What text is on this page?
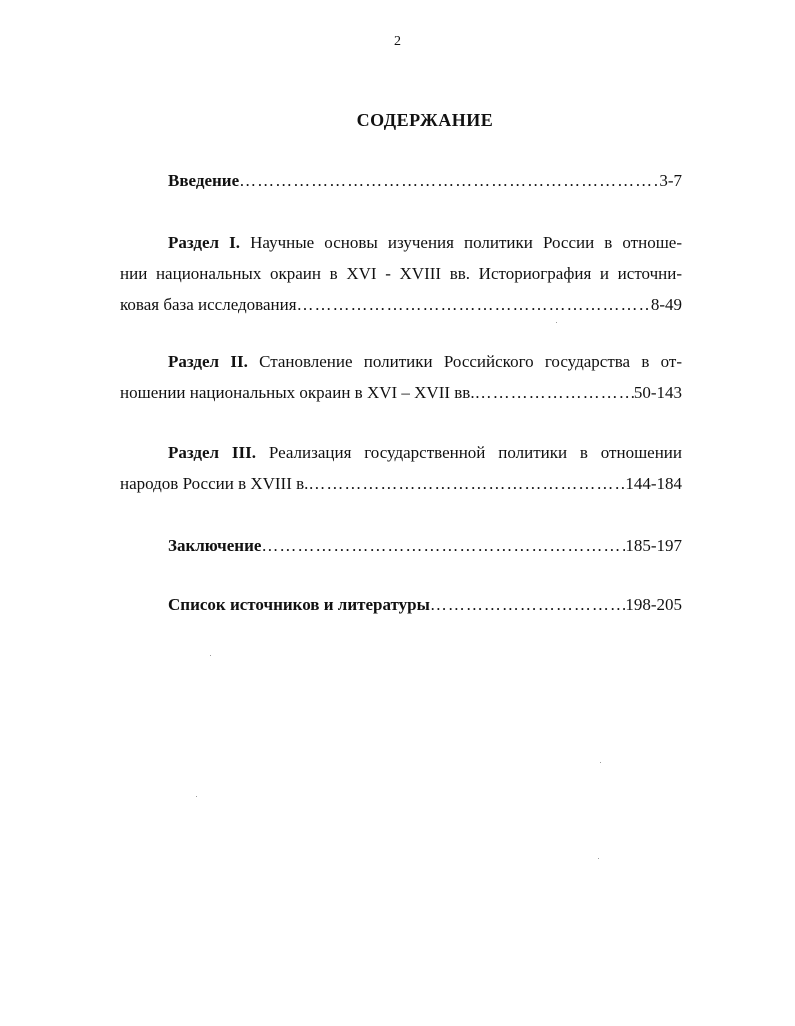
2
СОДЕРЖАНИЕ
Введение ………………………………………………………………………………………………………………………………………………………………	3-7
Раздел I. Научные основы изучения политики России в отноше-
нии национальных окраин в XVI - XVIII вв. Историография и источни-
ковая база исследования ………………………………………………………………………………………………………………………………………………………………	8-49
Раздел II. Становление политики Российского государства в от-
ношении национальных окраин в XVI – XVII вв. ………………………………………………………………………………………………………………………………………………………………	50-143
Раздел III. Реализация государственной политики в отношении
народов России в XVIII в. ………………………………………………………………………………………………………………………………………………………………	144-184
Заключение ………………………………………………………………………………………………………………………………………………………………	185-197
Список источников и литературы ………………………………………………………………………………………………………………………………………………………………	198-205
